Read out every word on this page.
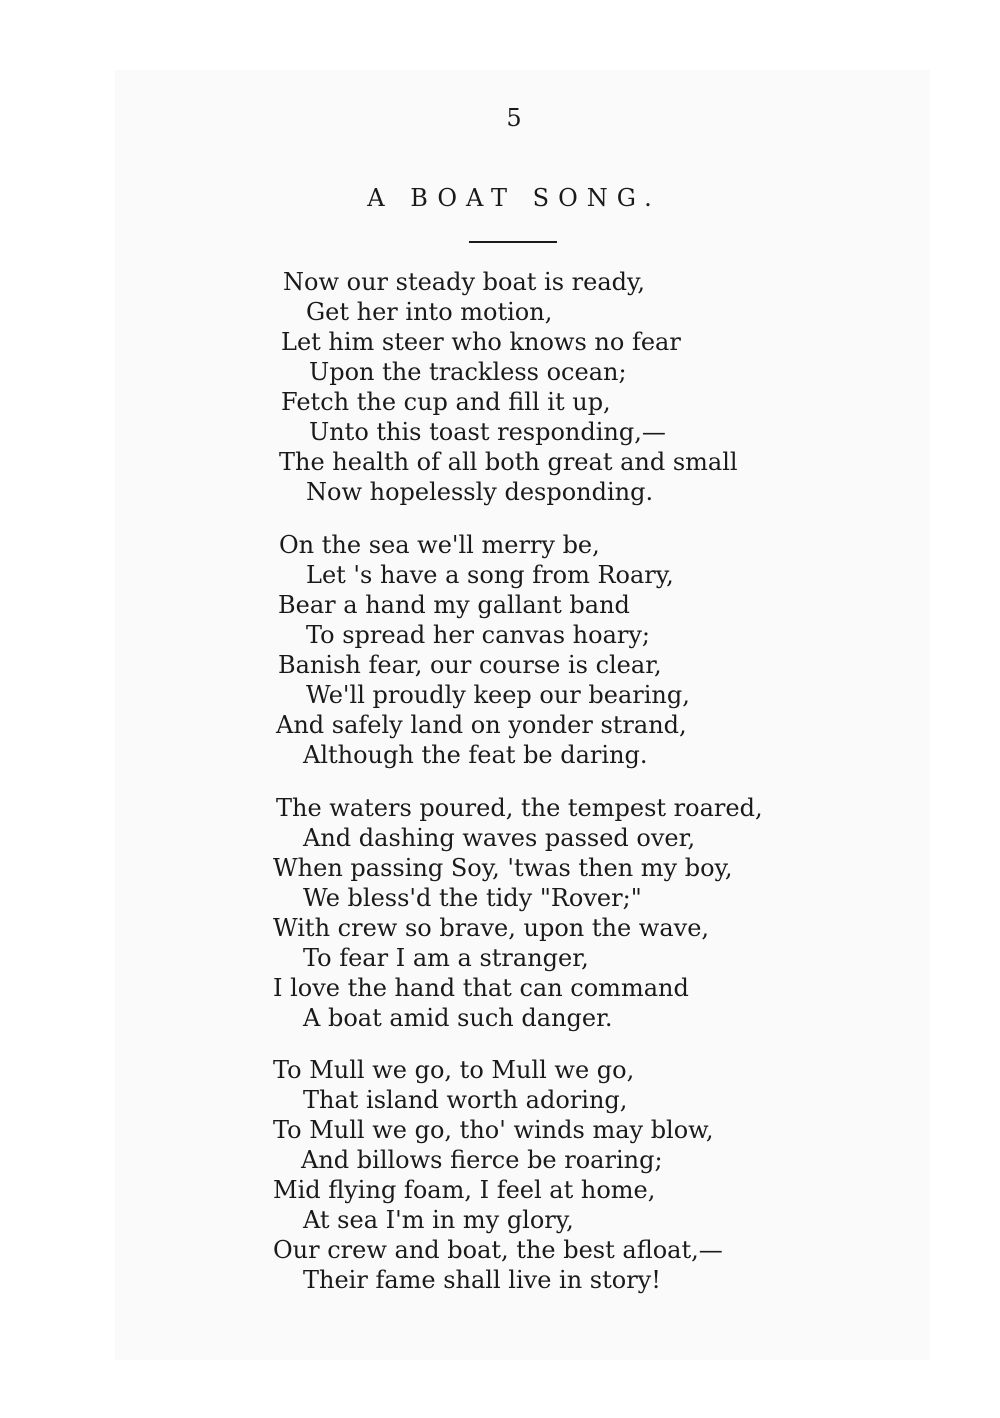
5
A BOAT SONG.
Now our steady boat is ready,
Get her into motion,
Let him steer who knows no fear
Upon the trackless ocean;
Fetch the cup and fill it up,
Unto this toast responding,—
The health of all both great and small
Now hopelessly desponding.
On the sea we'll merry be,
Let 's have a song from Roary,
Bear a hand my gallant band
To spread her canvas hoary;
Banish fear, our course is clear,
We'll proudly keep our bearing,
And safely land on yonder strand,
Although the feat be daring.
The waters poured, the tempest roared,
And dashing waves passed over,
When passing Soy, 'twas then my boy,
We bless'd the tidy "Rover;"
With crew so brave, upon the wave,
To fear I am a stranger,
I love the hand that can command
A boat amid such danger.
To Mull we go, to Mull we go,
That island worth adoring,
To Mull we go, tho' winds may blow,
And billows fierce be roaring;
Mid flying foam, I feel at home,
At sea I'm in my glory,
Our crew and boat, the best afloat,—
Their fame shall live in story!
